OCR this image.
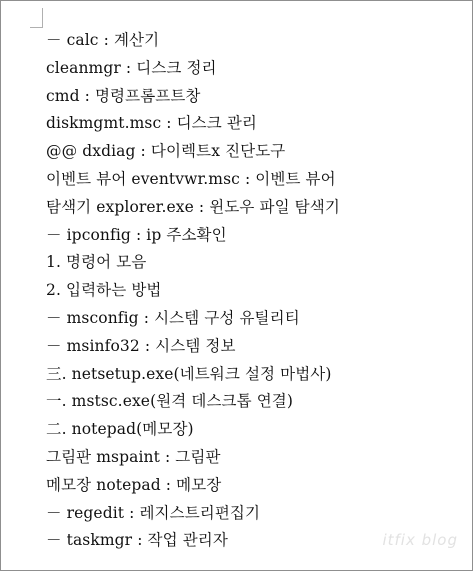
－ calc : 계산기
cleanmgr : 디스크 정리
cmd : 명령프롬프트창
diskmgmt.msc : 디스크 관리
@@ dxdiag : 다이렉트x 진단도구
이벤트 뷰어 eventvwr.msc : 이벤트 뷰어
탐색기 explorer.exe : 윈도우 파일 탐색기
－ ipconfig : ip 주소확인
1. 명령어 모음
2. 입력하는 방법
－ msconfig : 시스템 구성 유틸리티
－ msinfo32 : 시스템 정보
三. netsetup.exe(네트워크 설정 마법사)
一. mstsc.exe(원격 데스크톱 연결)
二. notepad(메모장)
그림판 mspaint : 그림판
메모장 notepad : 메모장
－ regedit : 레지스트리편집기
－ taskmgr : 작업 관리자	itfix blog
